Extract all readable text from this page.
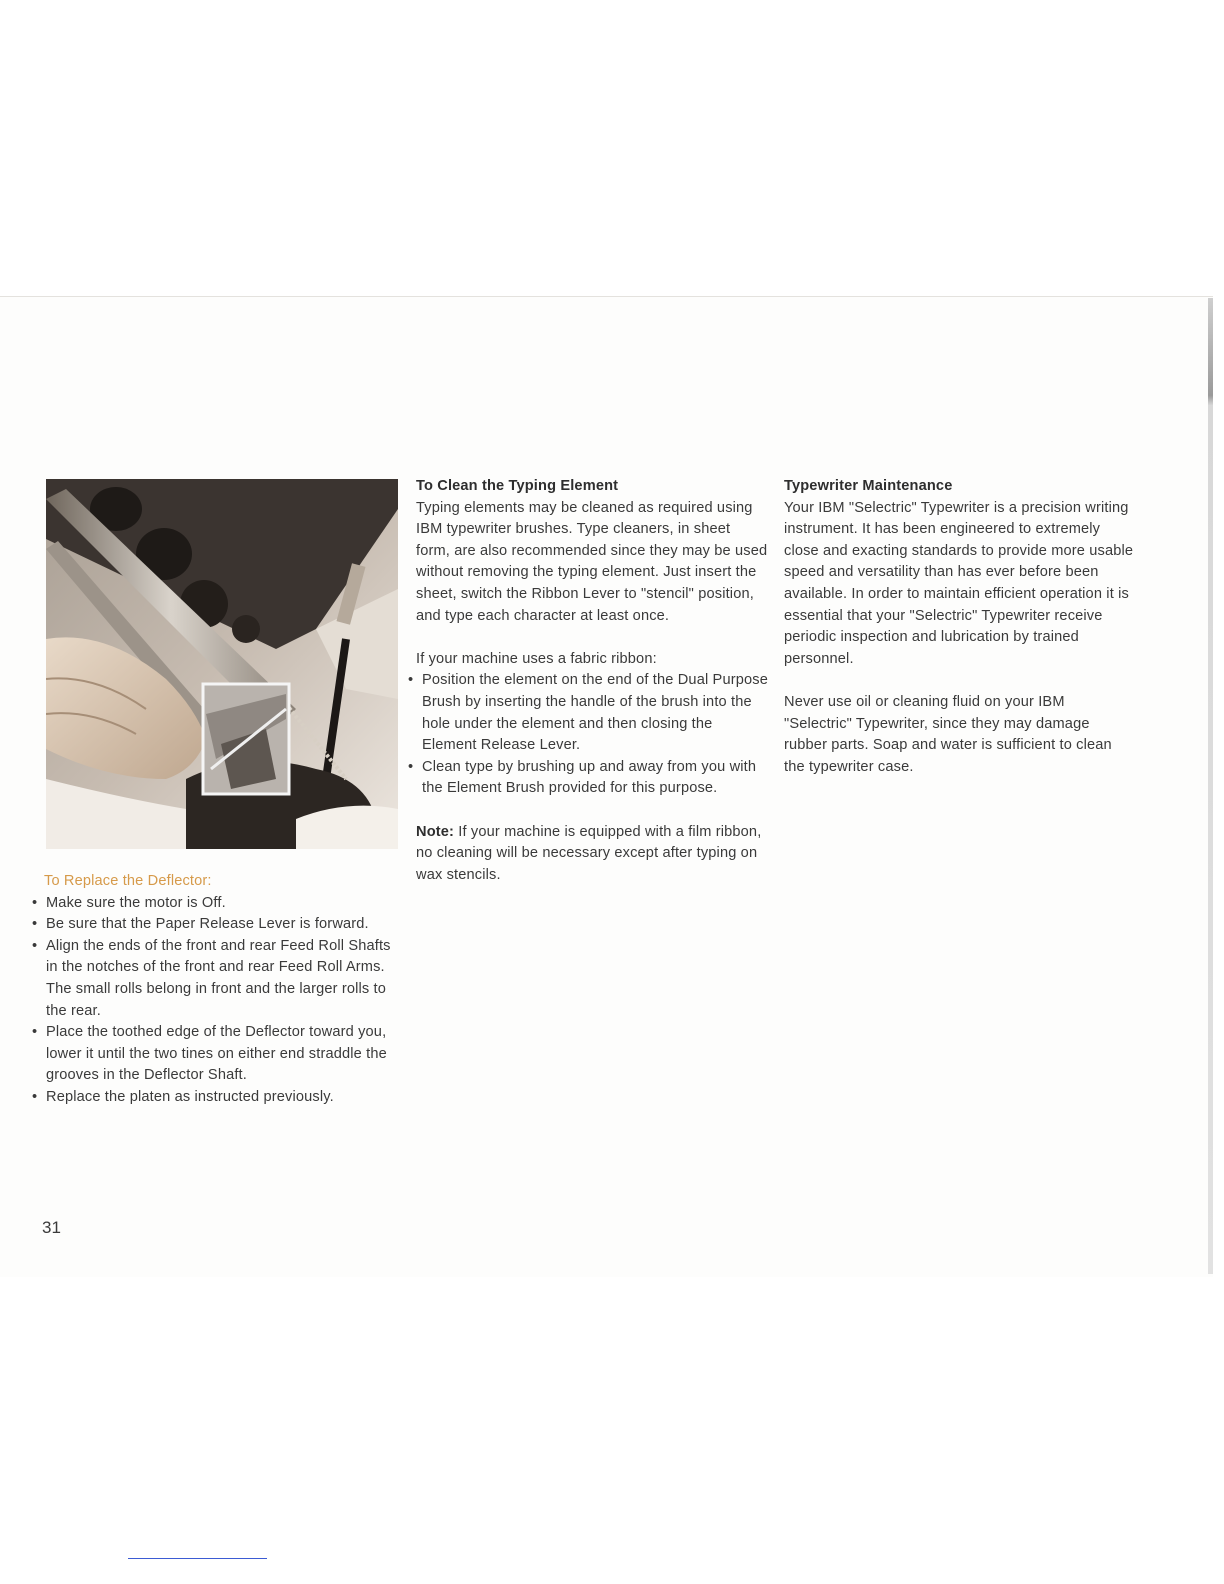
To Replace the Deflector:
• Make sure the motor is Off.
• Be sure that the Paper Release Lever is forward.
• Align the ends of the front and rear Feed Roll Shafts in the notches of the front and rear Feed Roll Arms. The small rolls belong in front and the larger rolls to the rear.
• Place the toothed edge of the Deflector toward you, lower it until the two tines on either end straddle the grooves in the Deflector Shaft.
• Replace the platen as instructed previously.
To Clean the Typing Element

Typing elements may be cleaned as required using IBM typewriter brushes. Type cleaners, in sheet form, are also recommended since they may be used without removing the typing element. Just insert the sheet, switch the Ribbon Lever to "stencil" position, and type each character at least once.

If your machine uses a fabric ribbon:

• Position the element on the end of the Dual Purpose Brush by inserting the handle of the brush into the hole under the element and then closing the Element Release Lever.
• Clean type by brushing up and away from you with the Element Brush provided for this purpose.

Note: If your machine is equipped with a film ribbon, no cleaning will be necessary except after typing on wax stencils.

Typewriter Maintenance

Your IBM "Selectric" Typewriter is a precision writing instrument. It has been engineered to extremely close and exacting standards to provide more usable speed and versatility than has ever before been available. In order to maintain efficient operation it is essential that your "Selectric" Typewriter receive periodic inspection and lubrication by trained personnel.

Never use oil or cleaning fluid on your IBM "Selectric" Typewriter, since they may damage rubber parts. Soap and water is sufficient to clean the typewriter case.

31
